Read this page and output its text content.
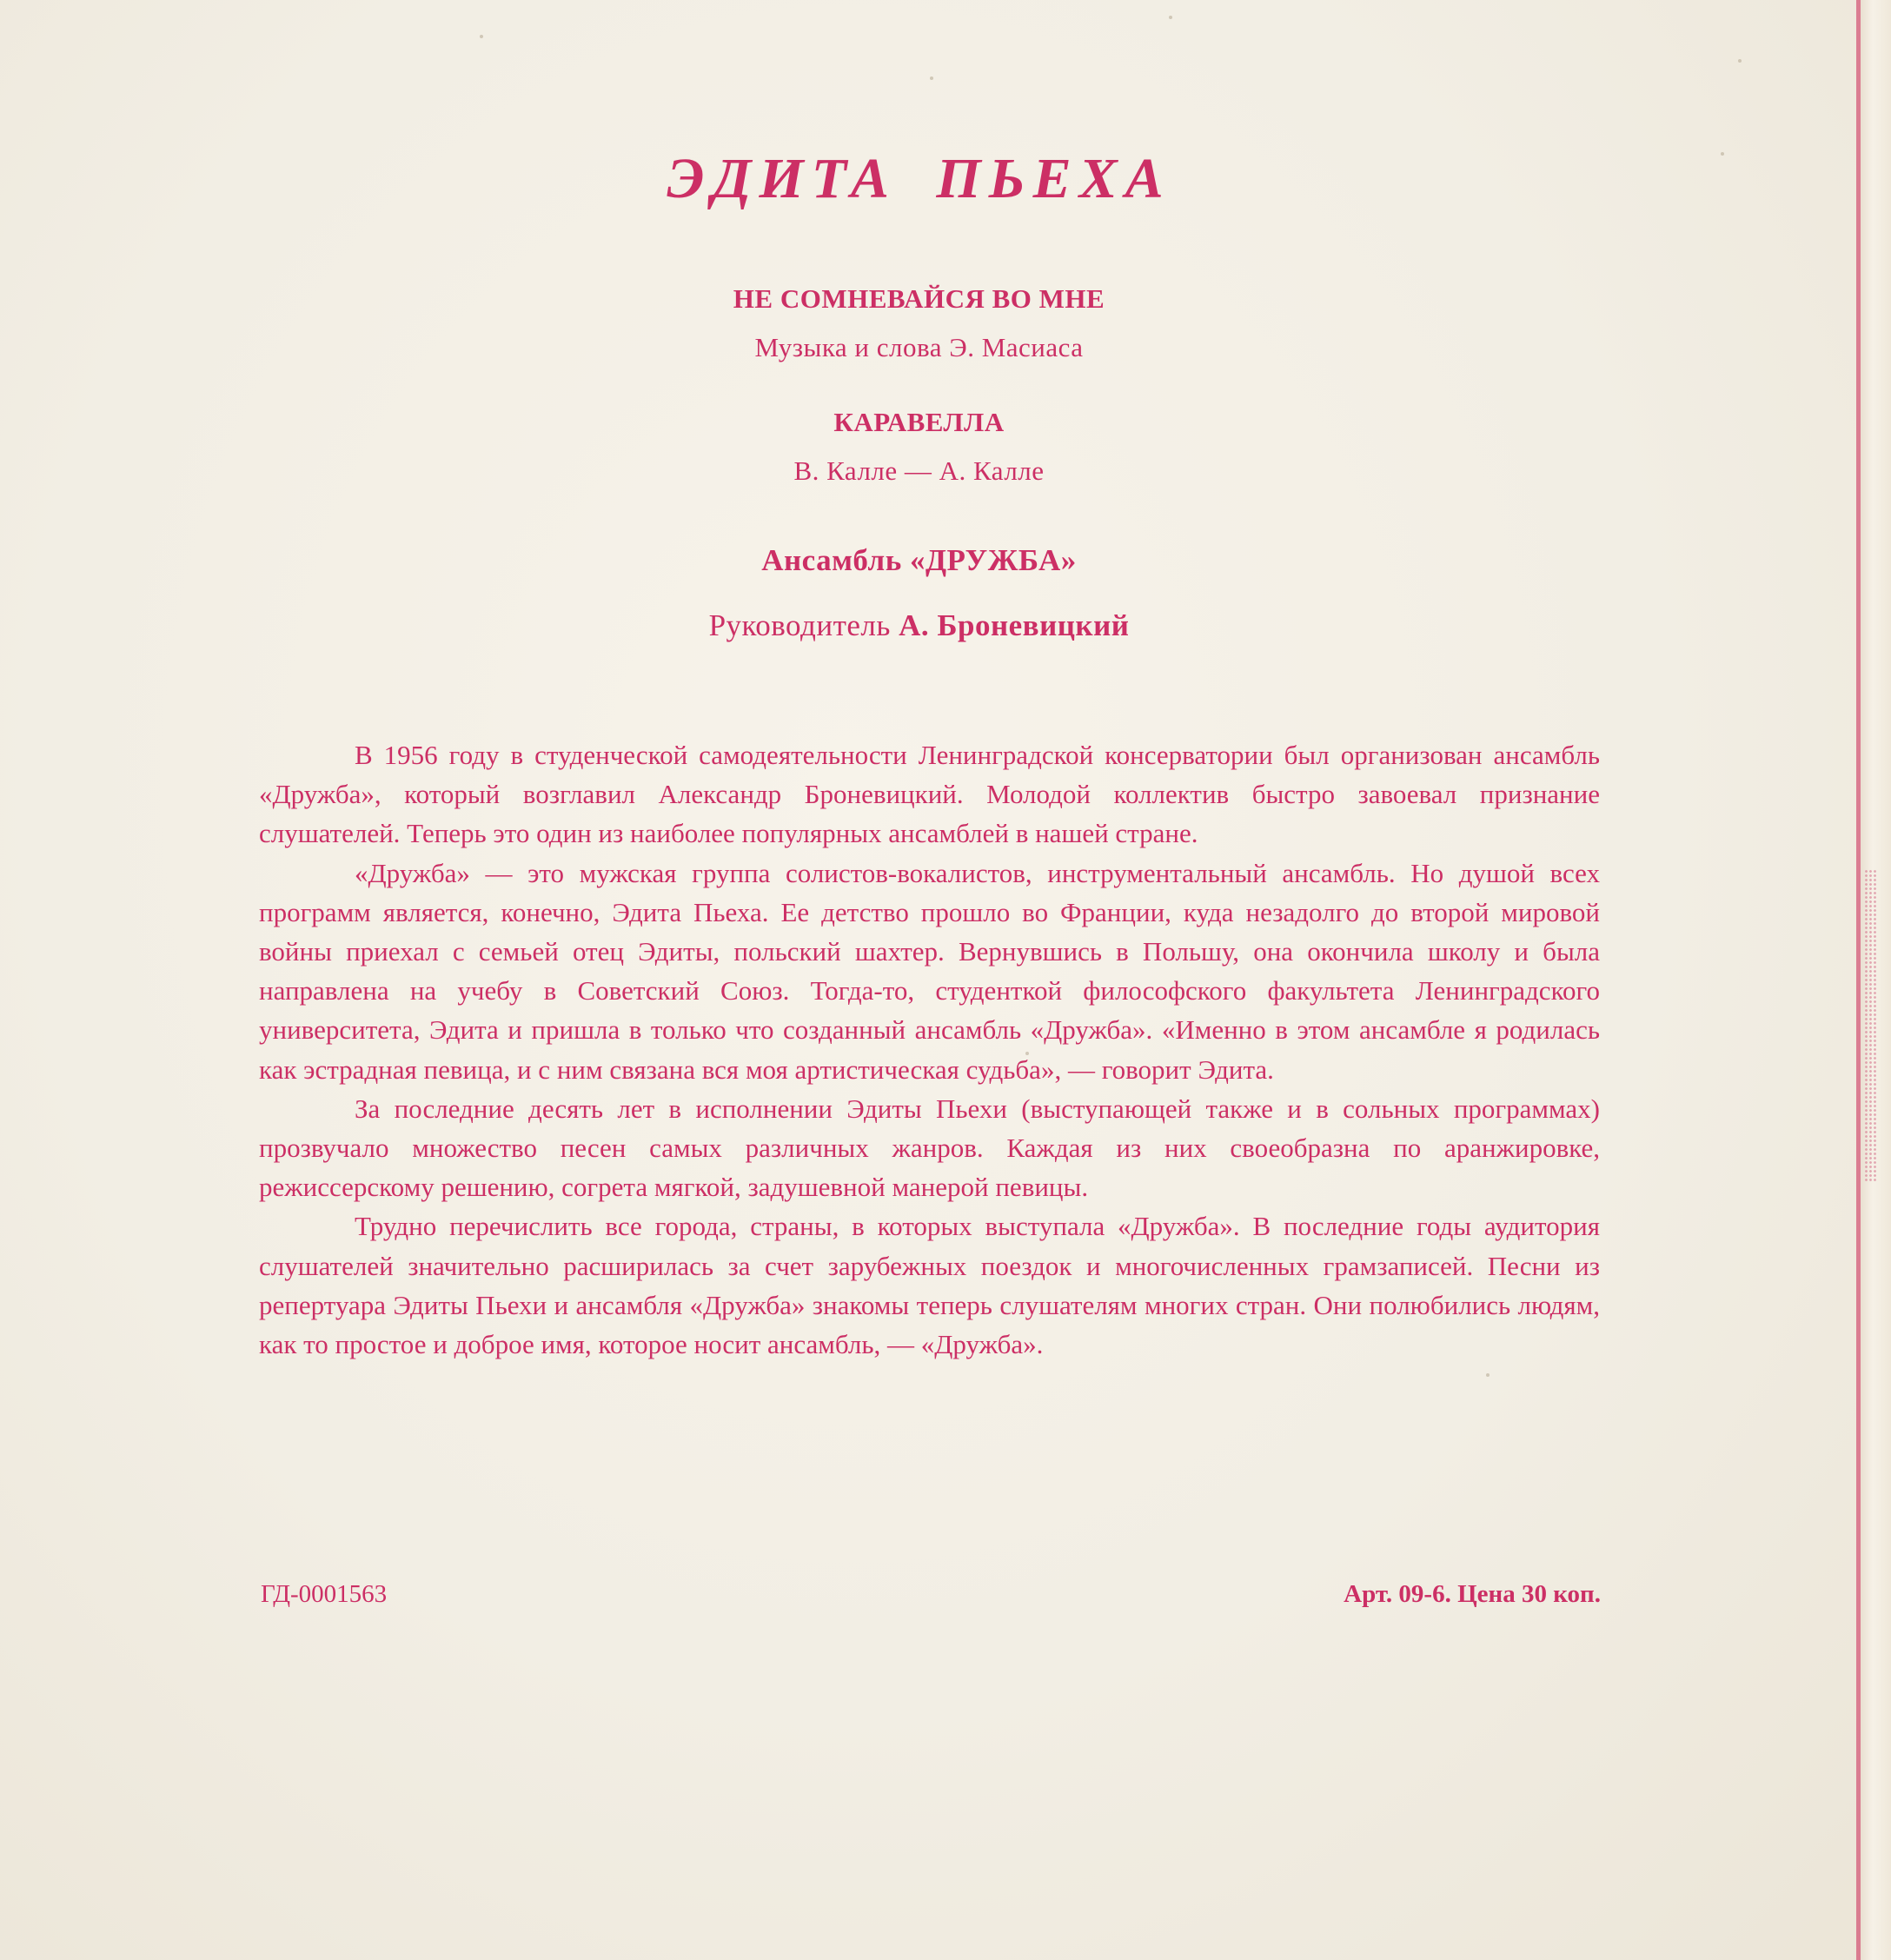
ЭДИТА ПЬЕХА
НЕ СОМНЕВАЙСЯ ВО МНЕ
Музыка и слова Э. Масиаса
КАРАВЕЛЛА
В. Калле — А. Калле
Ансамбль «ДРУЖБА»
Руководитель А. Броневицкий

В 1956 году в студенческой самодеятельности Ленинградской консерватории был организован ансамбль «Дружба», который возглавил Александр Броневицкий. Молодой коллектив быстро завоевал признание слушателей. Теперь это один из наиболее популярных ансамблей в нашей стране.

«Дружба» — это мужская группа солистов-вокалистов, инструментальный ансамбль. Но душой всех программ является, конечно, Эдита Пьеха. Ее детство прошло во Франции, куда незадолго до второй мировой войны приехал с семьей отец Эдиты, польский шахтер. Вернувшись в Польшу, она окончила школу и была направлена на учебу в Советский Союз. Тогда-то, студенткой философского факультета Ленинградского университета, Эдита и пришла в только что созданный ансамбль «Дружба». «Именно в этом ансамбле я родилась как эстрадная певица, и с ним связана вся моя артистическая судьба», — говорит Эдита.

За последние десять лет в исполнении Эдиты Пьехи (выступающей также и в сольных программах) прозвучало множество песен самых различных жанров. Каждая из них своеобразна по аранжировке, режиссерскому решению, согрета мягкой, задушевной манерой певицы.

Трудно перечислить все города, страны, в которых выступала «Дружба». В последние годы аудитория слушателей значительно расширилась за счет зарубежных поездок и многочисленных грамзаписей. Песни из репертуара Эдиты Пьехи и ансамбля «Дружба» знакомы теперь слушателям многих стран. Они полюбились людям, как то простое и доброе имя, которое носит ансамбль, — «Дружба».

ГД-0001563	Арт. 09-6. Цена 30 коп.
